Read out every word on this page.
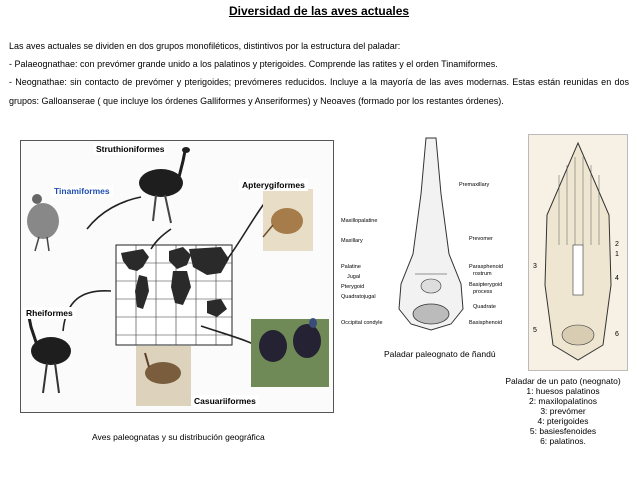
Diversidad de las aves actuales
Las aves actuales se dividen en dos grupos monofiléticos, distintivos por la estructura del paladar:
- Palaeognathae: con prevómer grande unido a los palatinos y pterigoides. Comprende las ratites y el orden Tinamiformes.
- Neognathae: sin contacto de prevómer y pterigoides; prevómeres reducidos. Incluye a la mayoría de las aves modernas. Estas están reunidas en dos grupos: Galloanserae ( que incluye los órdenes Galliformes y Anseriformes) y Neoaves (formado por los restantes órdenes).
Struthioniformes
Tinamiformes
Apterygiformes
Rheiformes
Casuariiformes
Aves paleognatas y su distribución geográfica
Premaxillary
Maxillopalatine
Prevomer
Maxillary
Palatine	Parasphenoid
rostrum
Jugal
Basipterygoid
process
Pterygoid
Quadratojugal
Quadrate
Occipital condyle	Basisphenoid
Paladar paleognato de ñandú
2
1
3
4
5
6
Paladar de un pato (neognato)
1: huesos palatinos
2: maxilopalatinos
3: prevómer
4: pterigoides
5: basiesfenoides
6: palatinos.
